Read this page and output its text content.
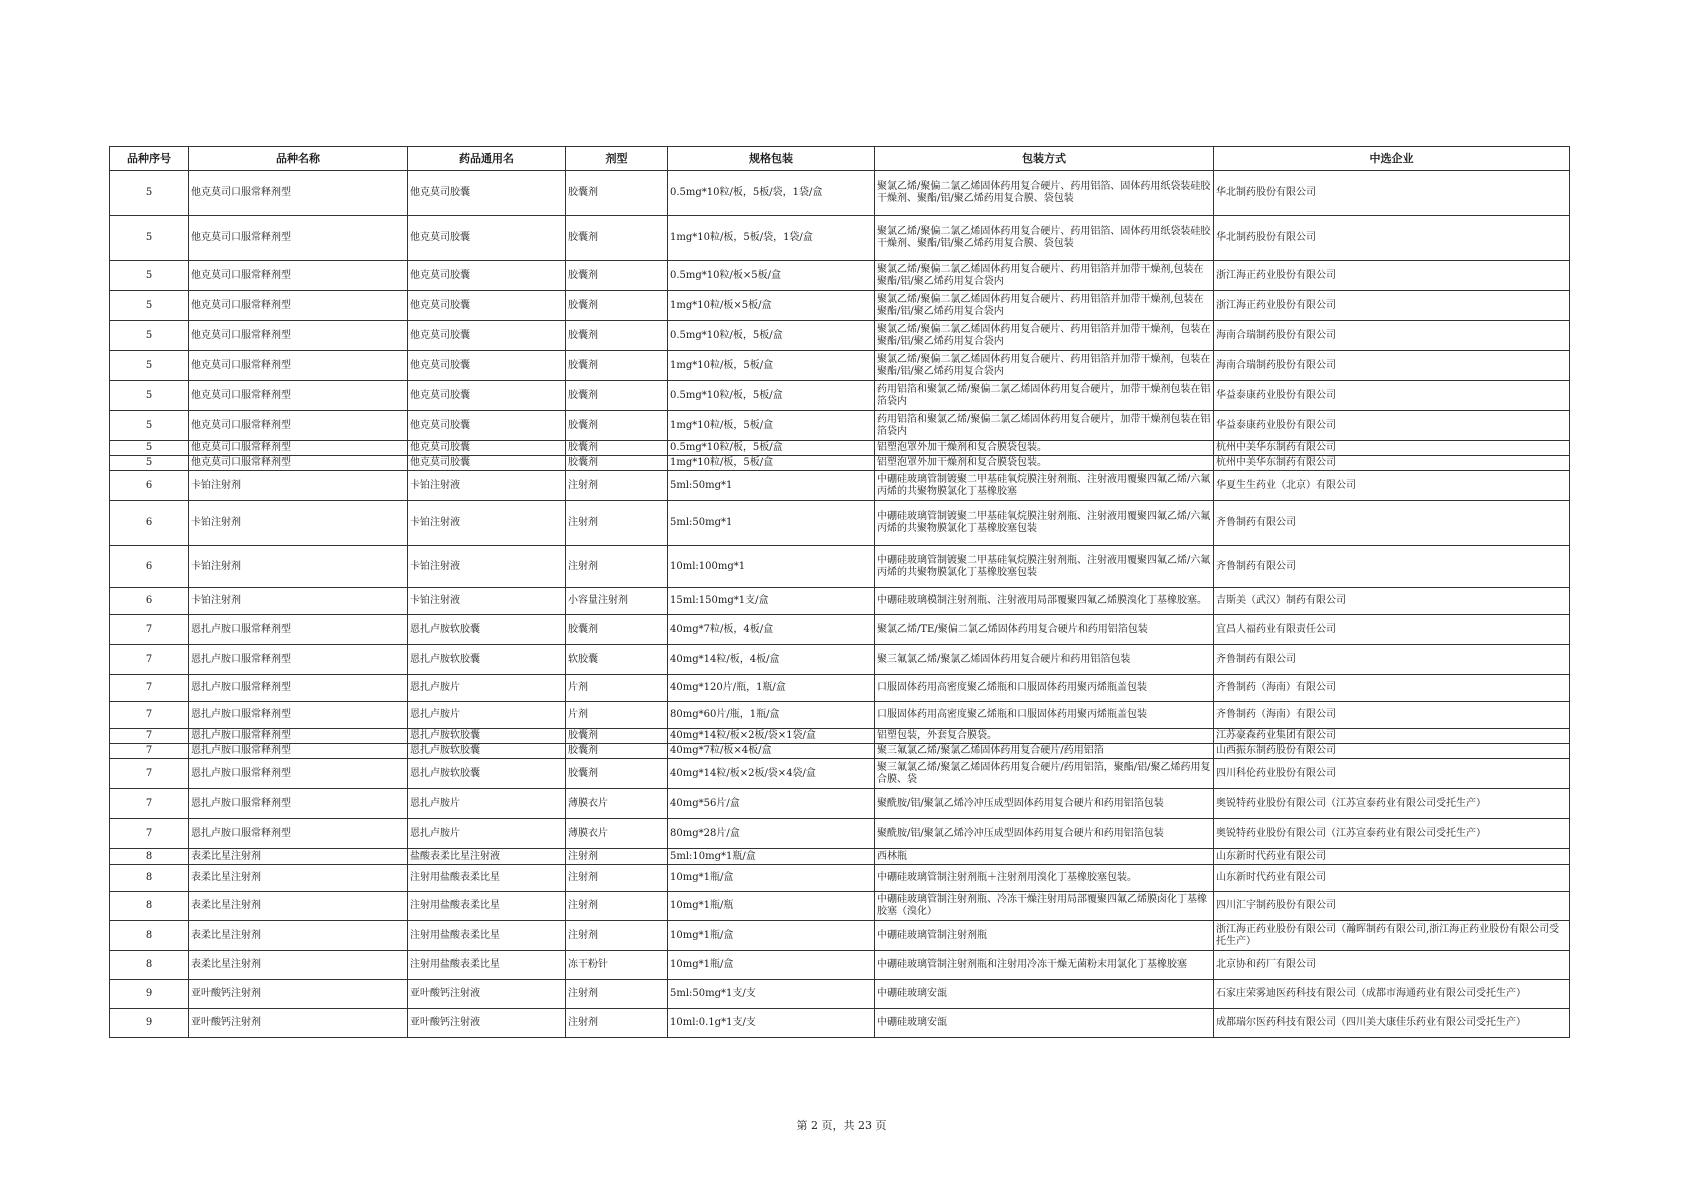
品种序号	品种名称	药品通用名	剂型	规格包装	包装方式	中选企业
5	他克莫司口服常释剂型	他克莫司胶囊	胶囊剂	0.5mg*10粒/板，5板/袋，1袋/盒	聚氯乙烯/聚偏二氯乙烯固体药用复合硬片、药用铝箔、固体药用纸袋装硅胶干燥剂、聚酯/铝/聚乙烯药用复合膜、袋包装	华北制药股份有限公司
5	他克莫司口服常释剂型	他克莫司胶囊	胶囊剂	1mg*10粒/板，5板/袋，1袋/盒	聚氯乙烯/聚偏二氯乙烯固体药用复合硬片、药用铝箔、固体药用纸袋装硅胶干燥剂、聚酯/铝/聚乙烯药用复合膜、袋包装	华北制药股份有限公司
5	他克莫司口服常释剂型	他克莫司胶囊	胶囊剂	0.5mg*10粒/板×5板/盒	聚氯乙烯/聚偏二氯乙烯固体药用复合硬片、药用铝箔并加带干燥剂,包装在聚酯/铝/聚乙烯药用复合袋内	浙江海正药业股份有限公司
5	他克莫司口服常释剂型	他克莫司胶囊	胶囊剂	1mg*10粒/板×5板/盒	聚氯乙烯/聚偏二氯乙烯固体药用复合硬片、药用铝箔并加带干燥剂,包装在聚酯/铝/聚乙烯药用复合袋内	浙江海正药业股份有限公司
5	他克莫司口服常释剂型	他克莫司胶囊	胶囊剂	0.5mg*10粒/板，5板/盒	聚氯乙烯/聚偏二氯乙烯固体药用复合硬片、药用铝箔并加带干燥剂，包装在聚酯/铝/聚乙烯药用复合袋内	海南合瑞制药股份有限公司
5	他克莫司口服常释剂型	他克莫司胶囊	胶囊剂	1mg*10粒/板，5板/盒	聚氯乙烯/聚偏二氯乙烯固体药用复合硬片、药用铝箔并加带干燥剂，包装在聚酯/铝/聚乙烯药用复合袋内	海南合瑞制药股份有限公司
5	他克莫司口服常释剂型	他克莫司胶囊	胶囊剂	0.5mg*10粒/板，5板/盒	药用铝箔和聚氯乙烯/聚偏二氯乙烯固体药用复合硬片，加带干燥剂包装在铝箔袋内	华益泰康药业股份有限公司
5	他克莫司口服常释剂型	他克莫司胶囊	胶囊剂	1mg*10粒/板，5板/盒	药用铝箔和聚氯乙烯/聚偏二氯乙烯固体药用复合硬片，加带干燥剂包装在铝箔袋内	华益泰康药业股份有限公司
5	他克莫司口服常释剂型	他克莫司胶囊	胶囊剂	0.5mg*10粒/板，5板/盒	铝塑泡罩外加干燥剂和复合膜袋包装。	杭州中美华东制药有限公司
5	他克莫司口服常释剂型	他克莫司胶囊	胶囊剂	1mg*10粒/板，5板/盒	铝塑泡罩外加干燥剂和复合膜袋包装。	杭州中美华东制药有限公司
6	卡铂注射剂	卡铂注射液	注射剂	5ml:50mg*1	中硼硅玻璃管制镀聚二甲基硅氧烷膜注射剂瓶、注射液用覆聚四氟乙烯/六氟丙烯的共聚物膜氯化丁基橡胶塞	华夏生生药业（北京）有限公司
6	卡铂注射剂	卡铂注射液	注射剂	5ml:50mg*1	中硼硅玻璃管制镀聚二甲基硅氧烷膜注射剂瓶、注射液用覆聚四氟乙烯/六氟丙烯的共聚物膜氯化丁基橡胶塞包装	齐鲁制药有限公司
6	卡铂注射剂	卡铂注射液	注射剂	10ml:100mg*1	中硼硅玻璃管制镀聚二甲基硅氧烷膜注射剂瓶、注射液用覆聚四氟乙烯/六氟丙烯的共聚物膜氯化丁基橡胶塞包装	齐鲁制药有限公司
6	卡铂注射剂	卡铂注射液	小容量注射剂	15ml:150mg*1支/盒	中硼硅玻璃模制注射剂瓶、注射液用局部覆聚四氟乙烯膜溴化丁基橡胶塞。	吉斯美（武汉）制药有限公司
7	恩扎卢胺口服常释剂型	恩扎卢胺软胶囊	胶囊剂	40mg*7粒/板，4板/盒	聚氯乙烯/TE/聚偏二氯乙烯固体药用复合硬片和药用铝箔包装	宜昌人福药业有限责任公司
7	恩扎卢胺口服常释剂型	恩扎卢胺软胶囊	软胶囊	40mg*14粒/板，4板/盒	聚三氟氯乙烯/聚氯乙烯固体药用复合硬片和药用铝箔包装	齐鲁制药有限公司
7	恩扎卢胺口服常释剂型	恩扎卢胺片	片剂	40mg*120片/瓶，1瓶/盒	口服固体药用高密度聚乙烯瓶和口服固体药用聚丙烯瓶盖包装	齐鲁制药（海南）有限公司
7	恩扎卢胺口服常释剂型	恩扎卢胺片	片剂	80mg*60片/瓶，1瓶/盒	口服固体药用高密度聚乙烯瓶和口服固体药用聚丙烯瓶盖包装	齐鲁制药（海南）有限公司
7	恩扎卢胺口服常释剂型	恩扎卢胺软胶囊	胶囊剂	40mg*14粒/板×2板/袋×1袋/盒	铝塑包装，外套复合膜袋。	江苏豪森药业集团有限公司
7	恩扎卢胺口服常释剂型	恩扎卢胺软胶囊	胶囊剂	40mg*7粒/板×4板/盒	聚三氟氯乙烯/聚氯乙烯固体药用复合硬片/药用铝箔	山西振东制药股份有限公司
7	恩扎卢胺口服常释剂型	恩扎卢胺软胶囊	胶囊剂	40mg*14粒/板×2板/袋×4袋/盒	聚三氟氯乙烯/聚氯乙烯固体药用复合硬片/药用铝箔，聚酯/铝/聚乙烯药用复合膜、袋	四川科伦药业股份有限公司
7	恩扎卢胺口服常释剂型	恩扎卢胺片	薄膜衣片	40mg*56片/盒	聚酰胺/铝/聚氯乙烯冷冲压成型固体药用复合硬片和药用铝箔包装	奥锐特药业股份有限公司（江苏宣泰药业有限公司受托生产）
7	恩扎卢胺口服常释剂型	恩扎卢胺片	薄膜衣片	80mg*28片/盒	聚酰胺/铝/聚氯乙烯冷冲压成型固体药用复合硬片和药用铝箔包装	奥锐特药业股份有限公司（江苏宣泰药业有限公司受托生产）
8	表柔比星注射剂	盐酸表柔比星注射液	注射剂	5ml:10mg*1瓶/盒	西林瓶	山东新时代药业有限公司
8	表柔比星注射剂	注射用盐酸表柔比星	注射剂	10mg*1瓶/盒	中硼硅玻璃管制注射剂瓶＋注射剂用溴化丁基橡胶塞包装。	山东新时代药业有限公司
8	表柔比星注射剂	注射用盐酸表柔比星	注射剂	10mg*1瓶/瓶	中硼硅玻璃管制注射剂瓶、冷冻干燥注射用局部覆聚四氟乙烯膜卤化丁基橡胶塞（溴化）	四川汇宇制药股份有限公司
8	表柔比星注射剂	注射用盐酸表柔比星	注射剂	10mg*1瓶/盒	中硼硅玻璃管制注射剂瓶	浙江海正药业股份有限公司（瀚晖制药有限公司,浙江海正药业股份有限公司受托生产）
8	表柔比星注射剂	注射用盐酸表柔比星	冻干粉针	10mg*1瓶/盒	中硼硅玻璃管制注射剂瓶和注射用冷冻干燥无菌粉末用氯化丁基橡胶塞	北京协和药厂有限公司
9	亚叶酸钙注射剂	亚叶酸钙注射液	注射剂	5ml:50mg*1支/支	中硼硅玻璃安瓿	石家庄荣雾迪医药科技有限公司（成都市海通药业有限公司受托生产）
9	亚叶酸钙注射剂	亚叶酸钙注射液	注射剂	10ml:0.1g*1支/支	中硼硅玻璃安瓿	成都瑞尔医药科技有限公司（四川美大康佳乐药业有限公司受托生产）
第 2 页，共 23 页
